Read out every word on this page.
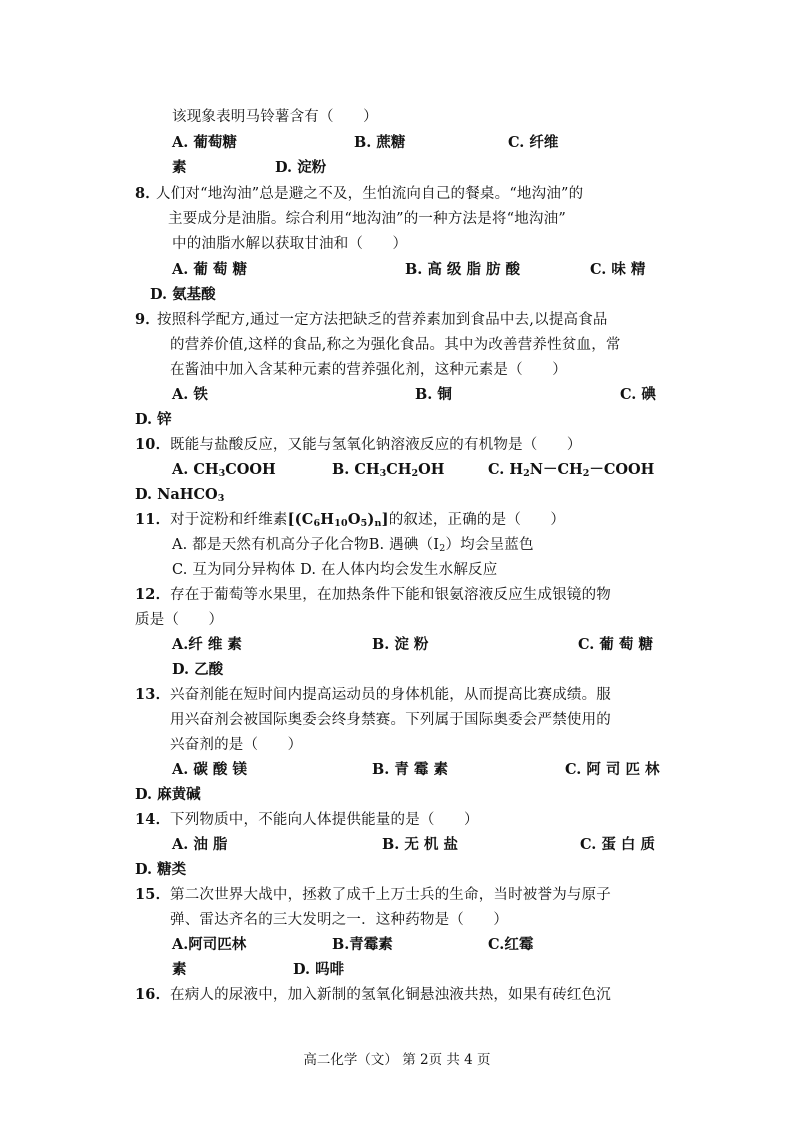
该现象表明马铃薯含有（　　）
A. 葡萄糖	B. 蔗糖	C. 纤维
素	D. 淀粉
8．
人们对“地沟油”总是避之不及，生怕流向自己的餐桌。“地沟油”的
主要成分是油脂。综合利用“地沟油”的一种方法是将“地沟油”
中的油脂水解以获取甘油和（　　）
A. 葡 萄 糖	B. 高 级 脂 肪 酸	C. 味 精
D. 氨基酸
9．
按照科学配方,通过一定方法把缺乏的营养素加到食品中去,以提高食品
的营养价值,这样的食品,称之为强化食品。其中为改善营养性贫血，常
在酱油中加入含某种元素的营养强化剂，这种元素是（　　）
A. 铁	B. 铜	C. 碘
D. 锌
10． 既能与盐酸反应，又能与氢氧化钠溶液反应的有机物是（　　）
A. $CH_3COOH$	B. $CH_3CH_2OH$	C. $H_2N-CH_2-COOH$
D. NaHCO$_3$
11． 对于淀粉和纤维素$[(C_6H_{10}O_5)_n]$的叙述，正确的是（　　）
A. 都是天然有机高分子化合物B. 遇碘$(I_2)$均会呈蓝色
C. 互为同分异构体 D. 在人体内均会发生水解反应
12． 存在于葡萄等水果里，在加热条件下能和银氨溶液反应生成银镜的物
质是（　　）
A.纤 维 素	B. 淀 粉	C. 葡 萄 糖
D. 乙酸
13． 兴奋剂能在短时间内提高运动员的身体机能，从而提高比赛成绩。服
用兴奋剂会被国际奥委会终身禁赛。下列属于国际奥委会严禁使用的
兴奋剂的是（　　）
A. 碳 酸 镁	B. 青 霉 素	C. 阿 司 匹 林
D. 麻黄碱
14． 下列物质中，不能向人体提供能量的是（　　）
A. 油 脂	B. 无 机 盐	C. 蛋 白 质
D. 糖类
15． 第二次世界大战中，拯救了成千上万士兵的生命，当时被誉为与原子
弹、雷达齐名的三大发明之一．这种药物是（　　）
A.阿司匹林	B.青霉素	C.红霉
素	D. 吗啡
16． 在病人的尿液中，加入新制的氢氧化铜悬浊液共热，如果有砖红色沉
高二化学（文） 第 2页 共 4 页
